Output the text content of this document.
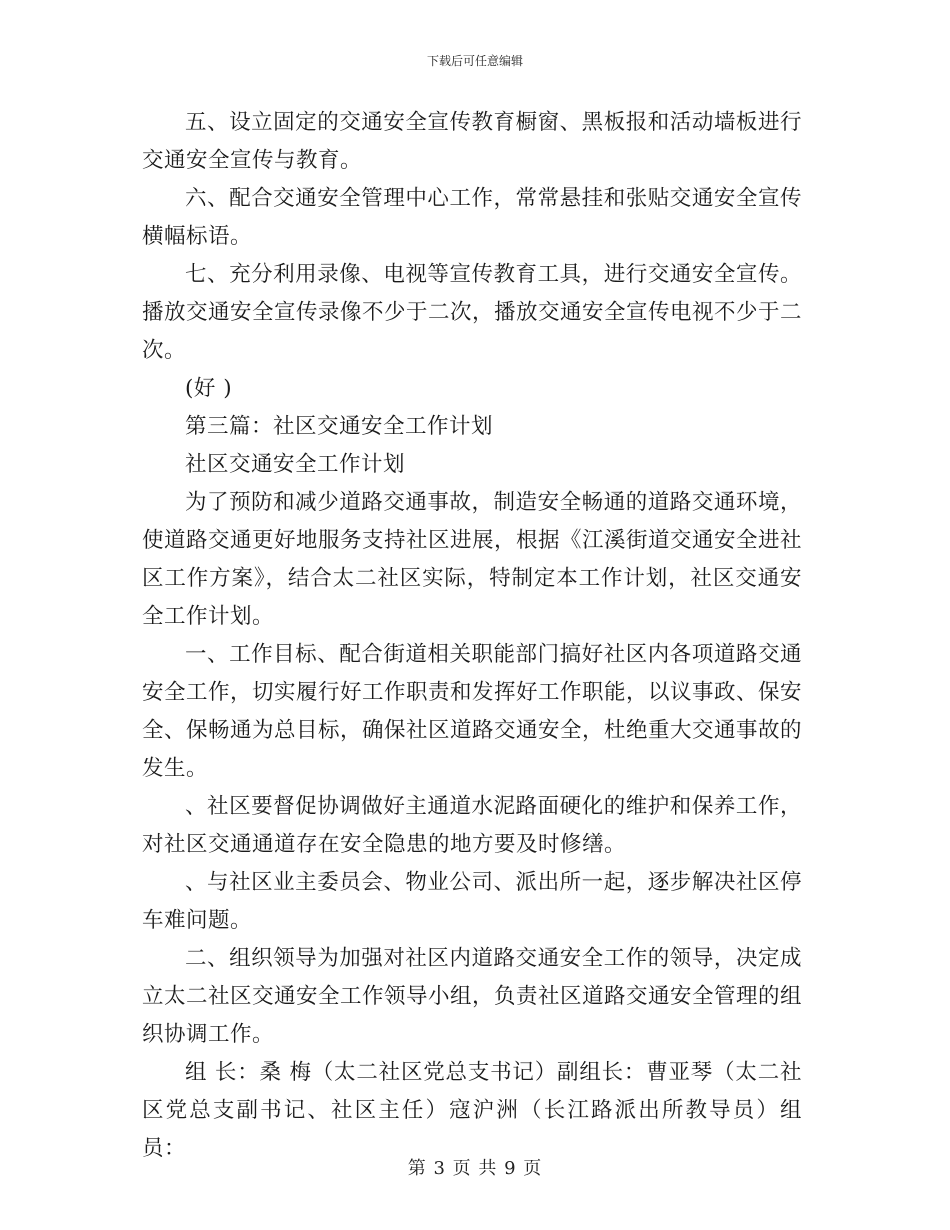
下载后可任意编辑

五、设立固定的交通安全宣传教育橱窗、黑板报和活动墙板进行交通安全宣传与教育。

六、配合交通安全管理中心工作，常常悬挂和张贴交通安全宣传横幅标语。

七、充分利用录像、电视等宣传教育工具，进行交通安全宣传。播放交通安全宣传录像不少于二次，播放交通安全宣传电视不少于二次。

(好 )

第三篇：社区交通安全工作计划

社区交通安全工作计划

为了预防和减少道路交通事故，制造安全畅通的道路交通环境，使道路交通更好地服务支持社区进展，根据《江溪街道交通安全进社区工作方案》，结合太二社区实际，特制定本工作计划，社区交通安全工作计划。

一、工作目标、配合街道相关职能部门搞好社区内各项道路交通安全工作，切实履行好工作职责和发挥好工作职能，以议事政、保安全、保畅通为总目标，确保社区道路交通安全，杜绝重大交通事故的发生。

、社区要督促协调做好主通道水泥路面硬化的维护和保养工作，对社区交通通道存在安全隐患的地方要及时修缮。

、与社区业主委员会、物业公司、派出所一起，逐步解决社区停车难问题。

二、组织领导为加强对社区内道路交通安全工作的领导，决定成立太二社区交通安全工作领导小组，负责社区道路交通安全管理的组织协调工作。

组 长：桑 梅（太二社区党总支书记）副组长：曹亚琴（太二社区党总支副书记、社区主任）寇沪洲（长江路派出所教导员）组 员：

第 3 页 共 9 页
